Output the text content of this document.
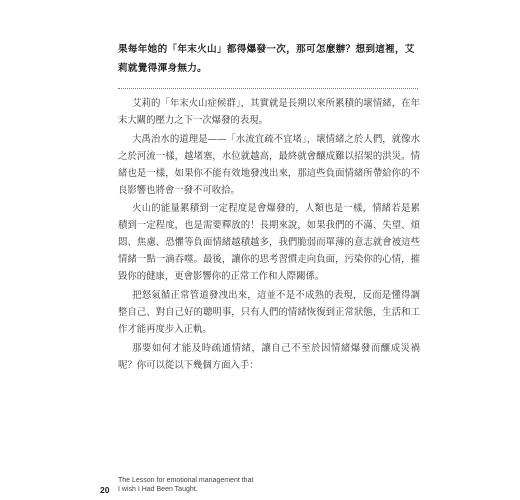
果每年她的「年末火山」都得爆發一次，那可怎麼辦？想到這裡，艾

莉就覺得渾身無力。

艾莉的「年末火山症候群」，其實就是長期以來所累積的壞情緒，在年末大關的壓力之下一次爆發的表現。

大禹治水的道理是——「水流宜疏不宜堵」，壞情緒之於人們，就像水之於河流一樣，越堵塞，水位就越高，最終就會釀成難以招架的洪災。情緒也是一樣，如果你不能有效地發洩出來，那這些負面情緒所帶給你的不良影響也將會一發不可收拾。

火山的能量累積到一定程度是會爆發的，人類也是一樣，情緒若是累積到一定程度，也是需要釋放的！長期來說，如果我們的不滿、失望、煩悶、焦慮、恐懼等負面情緒越積越多，我們脆弱而單薄的意志就會被這些情緒一點一滴吞噬。最後，讓你的思考習慣走向負面，污染你的心情，摧毀你的健康，更會影響你的正常工作和人際關係。

把怒氣循正常管道發洩出來，這並不是不成熟的表現，反而是懂得調整自己、對自己好的聰明事，只有人們的情緒恢復到正常狀態，生活和工作才能再度步入正軌。

那要如何才能及時疏通情緒，讓自己不至於因情緒爆發而釀成災禍呢？你可以從以下幾個方面入手：

20
The Lesson for emotional management that
I wish I Had Been Taught.
